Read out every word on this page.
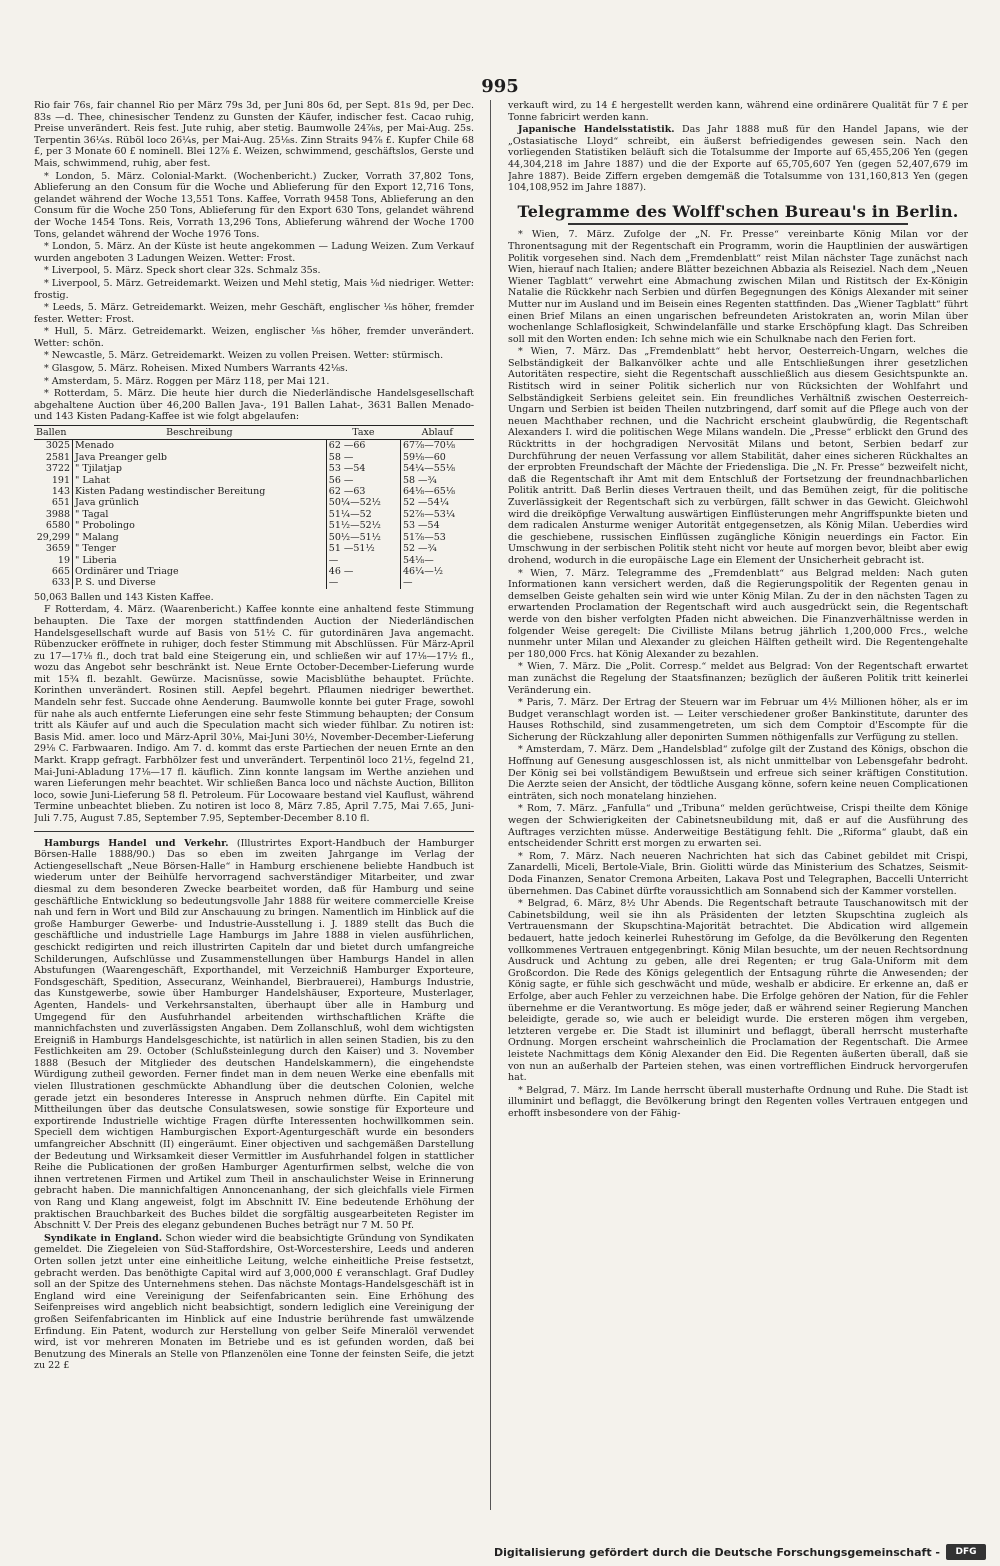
995

Rio fair 76s, fair channel Rio per März 79s 3d, per Juni 80s 6d, per Sept. 81s 9d, per Dec. 83s —d. Thee, chinesischer Tendenz zu Gunsten der Käufer, indischer fest. Cacao ruhig, Preise unverändert. Reis fest. Jute ruhig, aber stetig. Baumwolle 24⅞s, per Mai-Aug. 25s. Terpentin 36¼s. Rüböl loco 26¼s, per Mai-Aug. 25⅛s. Zinn Straits 94⅞ £. Kupfer Chile 68 £, per 3 Monate 60 £ nominell. Blei 12⅞ £. Weizen, schwimmend, geschäftslos, Gerste und Mais, schwimmend, ruhig, aber fest.

* London, 5. März. Colonial-Markt. (Wochenbericht.) Zucker, Vorrath 37,802 Tons, Ablieferung an den Consum für die Woche und Ablieferung für den Export 12,716 Tons, gelandet während der Woche 13,551 Tons. Kaffee, Vorrath 9458 Tons, Ablieferung an den Consum für die Woche 250 Tons, Ablieferung für den Export 630 Tons, gelandet während der Woche 1454 Tons. Reis, Vorrath 13,296 Tons, Ablieferung während der Woche 1700 Tons, gelandet während der Woche 1976 Tons.

* London, 5. März. An der Küste ist heute angekommen — Ladung Weizen. Zum Verkauf wurden angeboten 3 Ladungen Weizen. Wetter: Frost.

* Liverpool, 5. März. Speck short clear 32s. Schmalz 35s.

* Liverpool, 5. März. Getreidemarkt. Weizen und Mehl stetig, Mais ⅛d niedriger. Wetter: frostig.

* Leeds, 5. März. Getreidemarkt. Weizen, mehr Geschäft, englischer ⅛s höher, fremder fester. Wetter: Frost.

* Hull, 5. März. Getreidemarkt. Weizen, englischer ⅛s höher, fremder unverändert. Wetter: schön.

* Newcastle, 5. März. Getreidemarkt. Weizen zu vollen Preisen. Wetter: stürmisch.

* Glasgow, 5. März. Roheisen. Mixed Numbers Warrants 42⅛s.

* Amsterdam, 5. März. Roggen per März 118, per Mai 121.

* Rotterdam, 5. März. Die heute hier durch die Niederländische Handelsgesellschaft abgehaltene Auction über 46,200 Ballen Java-, 191 Ballen Lahat-, 3631 Ballen Menado- und 143 Kisten Padang-Kaffee ist wie folgt abgelaufen:

Ballen	Beschreibung	Taxe	Ablauf
3025	Menado	62 —66	67⅞—70⅛
2581	Java Preanger gelb	58 —	59⅛—60
3722	" Tjilatjap	53 —54	54¼—55⅛
191	" Lahat	56 —	58 —¾
143	Kisten Padang westindischer Bereitung	62 —63	64⅛—65⅛
651	Java grünlich	50¼—52½	52 —54¼
3988	" Tagal	51¼—52	52⅞—53¼
6580	" Probolingo	51½—52½	53 —54
29,299	" Malang	50½—51½	51⅞—53
3659	" Tenger	51 —51½	52 —¾
19	" Liberia	—	54⅛—
665	Ordinärer und Triage	46 —	46¼—½
633	P. S. und Diverse	—	—

50,063 Ballen und 143 Kisten Kaffee.

F Rotterdam, 4. März. (Waarenbericht.) Kaffee konnte eine anhaltend feste Stimmung behaupten. Die Taxe der morgen stattfindenden Auction der Niederländischen Handelsgesellschaft wurde auf Basis von 51½ C. für gutordinären Java angemacht. Rübenzucker eröffnete in ruhiger, doch fester Stimmung mit Abschlüssen. Für März-April zu 17—17⅛ fl., doch trat bald eine Steigerung ein, und schließen wir auf 17⅛—17½ fl., wozu das Angebot sehr beschränkt ist. Neue Ernte October-December-Lieferung wurde mit 15¾ fl. bezahlt. Gewürze. Macisnüsse, sowie Macisblüthe behauptet. Früchte. Korinthen unverändert. Rosinen still. Aepfel begehrt. Pflaumen niedriger bewerthet. Mandeln sehr fest. Succade ohne Aenderung. Baumwolle konnte bei guter Frage, sowohl für nahe als auch entfernte Lieferungen eine sehr feste Stimmung behaupten; der Consum tritt als Käufer auf und auch die Speculation macht sich wieder fühlbar. Zu notiren ist: Basis Mid. amer. loco und März-April 30⅛, Mai-Juni 30½, November-December-Lieferung 29⅛ C. Farbwaaren. Indigo. Am 7. d. kommt das erste Partiechen der neuen Ernte an den Markt. Krapp gefragt. Farbhölzer fest und unverändert. Terpentinöl loco 21½, fegelnd 21, Mai-Juni-Abladung 17⅛—17 fl. käuflich. Zinn konnte langsam im Werthe anziehen und waren Lieferungen mehr beachtet. Wir schließen Banca loco und nächste Auction, Billiton loco, sowie Juni-Lieferung 58 fl. Petroleum. Für Locowaare bestand viel Kauflust, während Termine unbeachtet blieben. Zu notiren ist loco 8, März 7.85, April 7.75, Mai 7.65, Juni-Juli 7.75, August 7.85, September 7.95, September-December 8.10 fl.

Hamburgs Handel und Verkehr. (Illustrirtes Export-Handbuch der Hamburger Börsen-Halle 1888/90.) Das so eben im zweiten Jahrgange im Verlag der Actiengesellschaft „Neue Börsen-Halle“ in Hamburg erschienene beliebte Handbuch ist wiederum unter der Beihülfe hervorragend sachverständiger Mitarbeiter, und zwar diesmal zu dem besonderen Zwecke bearbeitet worden, daß für Hamburg und seine geschäftliche Entwicklung so bedeutungsvolle Jahr 1888 für weitere commercielle Kreise nah und fern in Wort und Bild zur Anschauung zu bringen. Namentlich im Hinblick auf die große Hamburger Gewerbe- und Industrie-Ausstellung i. J. 1889 stellt das Buch die geschäftliche und industrielle Lage Hamburgs im Jahre 1888 in vielen ausführlichen, geschickt redigirten und reich illustrirten Capiteln dar und bietet durch umfangreiche Schilderungen, Aufschlüsse und Zusammenstellungen über Hamburgs Handel in allen Abstufungen (Waarengeschäft, Exporthandel, mit Verzeichniß Hamburger Exporteure, Fondsgeschäft, Spedition, Assecuranz, Weinhandel, Bierbrauerei), Hamburgs Industrie, das Kunstgewerbe, sowie über Hamburger Handelshäuser, Exporteure, Musterlager, Agenten, Handels- und Verkehrsanstalten, überhaupt über alle in Hamburg und Umgegend für den Ausfuhrhandel arbeitenden wirthschaftlichen Kräfte die mannichfachsten und zuverlässigsten Angaben. Dem Zollanschluß, wohl dem wichtigsten Ereigniß in Hamburgs Handelsgeschichte, ist natürlich in allen seinen Stadien, bis zu den Festlichkeiten am 29. October (Schlußsteinlegung durch den Kaiser) und 3. November 1888 (Besuch der Mitglieder des deutschen Handelskammern), die eingehendste Würdigung zutheil geworden. Ferner findet man in dem neuen Werke eine ebenfalls mit vielen Illustrationen geschmückte Abhandlung über die deutschen Colonien, welche gerade jetzt ein besonderes Interesse in Anspruch nehmen dürfte. Ein Capitel mit Mittheilungen über das deutsche Consulatswesen, sowie sonstige für Exporteure und exportirende Industrielle wichtige Fragen dürfte Interessenten hochwillkommen sein. Speciell dem wichtigen Hamburgischen Export-Agenturgeschäft wurde ein besonders umfangreicher Abschnitt (II) eingeräumt. Einer objectiven und sachgemäßen Darstellung der Bedeutung und Wirksamkeit dieser Vermittler im Ausfuhrhandel folgen in stattlicher Reihe die Publicationen der großen Hamburger Agenturfirmen selbst, welche die von ihnen vertretenen Firmen und Artikel zum Theil in anschaulichster Weise in Erinnerung gebracht haben. Die mannichfaltigen Annoncenanhang, der sich gleichfalls viele Firmen von Rang und Klang angeweist, folgt im Abschnitt IV. Eine bedeutende Erhöhung der praktischen Brauchbarkeit des Buches bildet die sorgfältig ausgearbeiteten Register im Abschnitt V. Der Preis des eleganz gebundenen Buches beträgt nur 7 M. 50 Pf.

Syndikate in England. Schon wieder wird die beabsichtigte Gründung von Syndikaten gemeldet. Die Ziegeleien von Süd-Staffordshire, Ost-Worcestershire, Leeds und anderen Orten sollen jetzt unter eine einheitliche Leitung, welche einheitliche Preise festsetzt, gebracht werden. Das benöthigte Capital wird auf 3,000,000 £ veranschlagt. Graf Dudley soll an der Spitze des Unternehmens stehen. Das nächste Montags-Handelsgeschäft ist in England wird eine Vereinigung der Seifenfabricanten sein. Eine Erhöhung des Seifenpreises wird angeblich nicht beabsichtigt, sondern lediglich eine Vereinigung der großen Seifenfabricanten im Hinblick auf eine Industrie berührende fast umwälzende Erfindung. Ein Patent, wodurch zur Herstellung von gelber Seife Mineralöl verwendet wird, ist vor mehreren Monaten im Betriebe und es ist gefunden worden, daß bei Benutzung des Minerals an Stelle von Pflanzenölen eine Tonne der feinsten Seife, die jetzt zu 22 £

verkauft wird, zu 14 £ hergestellt werden kann, während eine ordinärere Qualität für 7 £ per Tonne fabricirt werden kann.

Japanische Handelsstatistik. Das Jahr 1888 muß für den Handel Japans, wie der „Ostasiatische Lloyd“ schreibt, ein äußerst befriedigendes gewesen sein. Nach den vorliegenden Statistiken beläuft sich die Totalsumme der Importe auf 65,455,206 Yen (gegen 44,304,218 im Jahre 1887) und die der Exporte auf 65,705,607 Yen (gegen 52,407,679 im Jahre 1887). Beide Ziffern ergeben demgemäß die Totalsumme von 131,160,813 Yen (gegen 104,108,952 im Jahre 1887).

Telegramme des Wolff'schen Bureau's in Berlin.

* Wien, 7. März. Zufolge der „N. Fr. Presse“ vereinbarte König Milan vor der Thronentsagung mit der Regentschaft ein Programm, worin die Hauptlinien der auswärtigen Politik vorgesehen sind. Nach dem „Fremdenblatt“ reist Milan nächster Tage zunächst nach Wien, hierauf nach Italien; andere Blätter bezeichnen Abbazia als Reiseziel. Nach dem „Neuen Wiener Tagblatt“ verwehrt eine Abmachung zwischen Milan und Ristitsch der Ex-Königin Natalie die Rückkehr nach Serbien und dürfen Begegnungen des Königs Alexander mit seiner Mutter nur im Ausland und im Beisein eines Regenten stattfinden. Das „Wiener Tagblatt“ führt einen Brief Milans an einen ungarischen befreundeten Aristokraten an, worin Milan über wochenlange Schlaflosigkeit, Schwindelanfälle und starke Erschöpfung klagt. Das Schreiben soll mit den Worten enden: Ich sehne mich wie ein Schulknabe nach den Ferien fort.

* Wien, 7. März. Das „Fremdenblatt“ hebt hervor, Oesterreich-Ungarn, welches die Selbständigkeit der Balkanvölker achte und alle Entschließungen ihrer gesetzlichen Autoritäten respectire, sieht die Regentschaft ausschließlich aus diesem Gesichtspunkte an. Ristitsch wird in seiner Politik sicherlich nur von Rücksichten der Wohlfahrt und Selbständigkeit Serbiens geleitet sein. Ein freundliches Verhältniß zwischen Oesterreich-Ungarn und Serbien ist beiden Theilen nutzbringend, darf somit auf die Pflege auch von der neuen Machthaber rechnen, und die Nachricht erscheint glaubwürdig, die Regentschaft Alexanders I. wird die politischen Wege Milans wandeln. Die „Presse“ erblickt den Grund des Rücktritts in der hochgradigen Nervosität Milans und betont, Serbien bedarf zur Durchführung der neuen Verfassung vor allem Stabilität, daher eines sicheren Rückhaltes an der erprobten Freundschaft der Mächte der Friedensliga. Die „N. Fr. Presse“ bezweifelt nicht, daß die Regentschaft ihr Amt mit dem Entschluß der Fortsetzung der freundnachbarlichen Politik antritt. Daß Berlin dieses Vertrauen theilt, und das Bemühen zeigt, für die politische Zuverlässigkeit der Regentschaft sich zu verbürgen, fällt schwer in das Gewicht. Gleichwohl wird die dreiköpfige Verwaltung auswärtigen Einflüsterungen mehr Angriffspunkte bieten und dem radicalen Ansturme weniger Autorität entgegensetzen, als König Milan. Ueberdies wird die geschiebene, russischen Einflüssen zugängliche Königin neuerdings ein Factor. Ein Umschwung in der serbischen Politik steht nicht vor heute auf morgen bevor, bleibt aber ewig drohend, wodurch in die europäische Lage ein Element der Unsicherheit gebracht ist.

* Wien, 7. März. Telegramme des „Fremdenblatt“ aus Belgrad melden: Nach guten Informationen kann versichert werden, daß die Regierungspolitik der Regenten genau in demselben Geiste gehalten sein wird wie unter König Milan. Zu der in den nächsten Tagen zu erwartenden Proclamation der Regentschaft wird auch ausgedrückt sein, die Regentschaft werde von den bisher verfolgten Pfaden nicht abweichen. Die Finanzverhältnisse werden in folgender Weise geregelt: Die Civilliste Milans betrug jährlich 1,200,000 Frcs., welche nunmehr unter Milan und Alexander zu gleichen Hälften getheilt wird. Die Regentengehalte per 180,000 Frcs. hat König Alexander zu bezahlen.

* Wien, 7. März. Die „Polit. Corresp.“ meldet aus Belgrad: Von der Regentschaft erwartet man zunächst die Regelung der Staatsfinanzen; bezüglich der äußeren Politik tritt keinerlei Veränderung ein.

* Paris, 7. März. Der Ertrag der Steuern war im Februar um 4½ Millionen höher, als er im Budget veranschlagt worden ist. — Leiter verschiedener großer Bankinstitute, darunter des Hauses Rothschild, sind zusammengetreten, um sich dem Comptoir d'Escompte für die Sicherung der Rückzahlung aller deponirten Summen nöthigenfalls zur Verfügung zu stellen.

* Amsterdam, 7. März. Dem „Handelsblad“ zufolge gilt der Zustand des Königs, obschon die Hoffnung auf Genesung ausgeschlossen ist, als nicht unmittelbar von Lebensgefahr bedroht. Der König sei bei vollständigem Bewußtsein und erfreue sich seiner kräftigen Constitution. Die Aerzte seien der Ansicht, der tödtliche Ausgang könne, sofern keine neuen Complicationen einträten, sich noch monatelang hinziehen.

* Rom, 7. März. „Fanfulla“ und „Tribuna“ melden gerüchtweise, Crispi theilte dem Könige wegen der Schwierigkeiten der Cabinetsneubildung mit, daß er auf die Ausführung des Auftrages verzichten müsse. Anderweitige Bestätigung fehlt. Die „Riforma“ glaubt, daß ein entscheidender Schritt erst morgen zu erwarten sei.

* Rom, 7. März. Nach neueren Nachrichten hat sich das Cabinet gebildet mit Crispi, Zanardelli, Miceli, Bertole-Viale, Brin. Giolitti würde das Ministerium des Schatzes, Seismit-Doda Finanzen, Senator Cremona Arbeiten, Lakava Post und Telegraphen, Baccelli Unterricht übernehmen. Das Cabinet dürfte voraussichtlich am Sonnabend sich der Kammer vorstellen.

* Belgrad, 6. März, 8½ Uhr Abends. Die Regentschaft betraute Tauschanowitsch mit der Cabinetsbildung, weil sie ihn als Präsidenten der letzten Skupschtina zugleich als Vertrauensmann der Skupschtina-Majorität betrachtet. Die Abdication wird allgemein bedauert, hatte jedoch keinerlei Ruhestörung im Gefolge, da die Bevölkerung den Regenten vollkommenes Vertrauen entgegenbringt. König Milan besuchte, um der neuen Rechtsordnung Ausdruck und Achtung zu geben, alle drei Regenten; er trug Gala-Uniform mit dem Großcordon. Die Rede des Königs gelegentlich der Entsagung rührte die Anwesenden; der König sagte, er fühle sich geschwächt und müde, weshalb er abdicire. Er erkenne an, daß er Erfolge, aber auch Fehler zu verzeichnen habe. Die Erfolge gehören der Nation, für die Fehler übernehme er die Verantwortung. Es möge jeder, daß er während seiner Regierung Manchen beleidigte, gerade so, wie auch er beleidigt wurde. Die ersteren mögen ihm vergeben, letzteren vergebe er. Die Stadt ist illuminirt und beflaggt, überall herrscht musterhafte Ordnung. Morgen erscheint wahrscheinlich die Proclamation der Regentschaft. Die Armee leistete Nachmittags dem König Alexander den Eid. Die Regenten äußerten überall, daß sie von nun an außerhalb der Parteien stehen, was einen vortrefflichen Eindruck hervorgerufen hat.

* Belgrad, 7. März. Im Lande herrscht überall musterhafte Ordnung und Ruhe. Die Stadt ist illuminirt und beflaggt, die Bevölkerung bringt den Regenten volles Vertrauen entgegen und erhofft insbesondere von der Fähig-

Digitalisierung gefördert durch die Deutsche Forschungsgemeinschaft -	DFG
